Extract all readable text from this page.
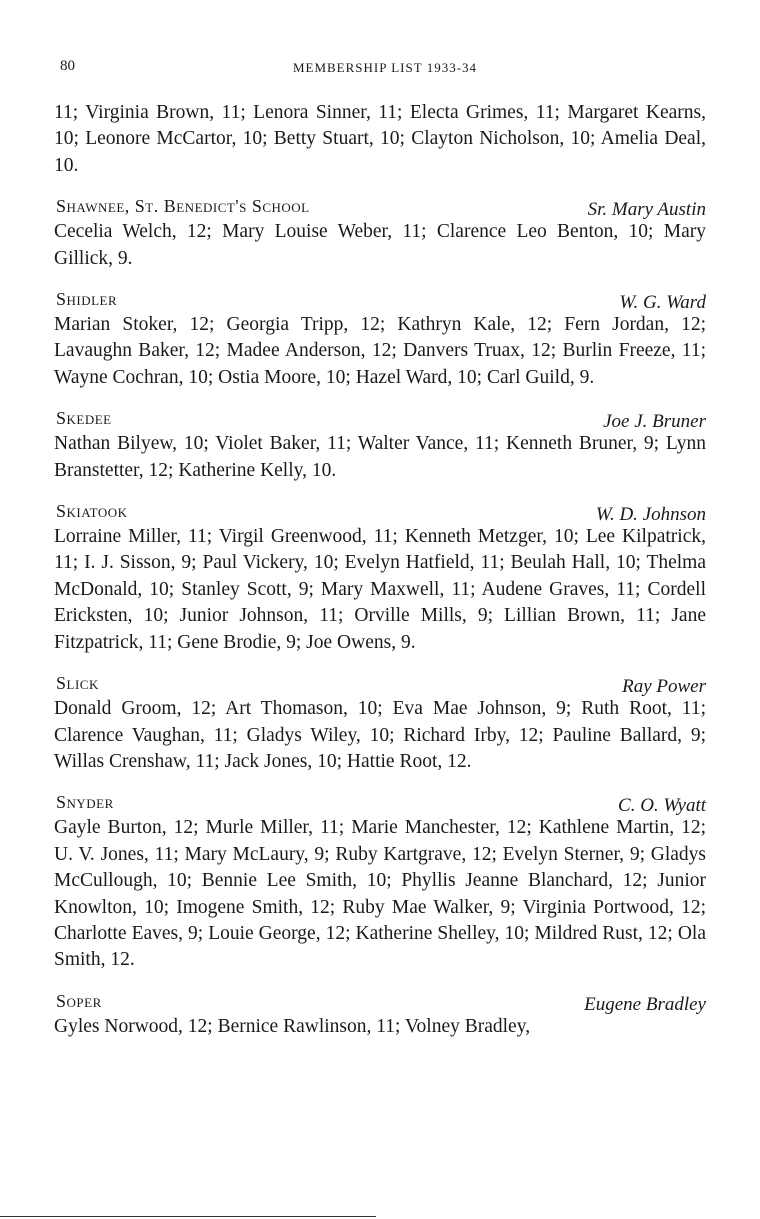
80	MEMBERSHIP LIST 1933-34

11; Virginia Brown, 11; Lenora Sinner, 11; Electa Grimes, 11; Margaret Kearns, 10; Leonore McCartor, 10; Betty Stuart, 10; Clayton Nicholson, 10; Amelia Deal, 10.

Shawnee, St. Benedict's School	Sr. Mary Austin

Cecelia Welch, 12; Mary Louise Weber, 11; Clarence Leo Benton, 10; Mary Gillick, 9.

Shidler	W. G. Ward

Marian Stoker, 12; Georgia Tripp, 12; Kathryn Kale, 12; Fern Jordan, 12; Lavaughn Baker, 12; Madee Anderson, 12; Danvers Truax, 12; Burlin Freeze, 11; Wayne Cochran, 10; Ostia Moore, 10; Hazel Ward, 10; Carl Guild, 9.

Skedee	Joe J. Bruner

Nathan Bilyew, 10; Violet Baker, 11; Walter Vance, 11; Kenneth Bruner, 9; Lynn Branstetter, 12; Katherine Kelly, 10.

Skiatook	W. D. Johnson

Lorraine Miller, 11; Virgil Greenwood, 11; Kenneth Metzger, 10; Lee Kilpatrick, 11; I. J. Sisson, 9; Paul Vickery, 10; Evelyn Hatfield, 11; Beulah Hall, 10; Thelma McDonald, 10; Stanley Scott, 9; Mary Maxwell, 11; Audene Graves, 11; Cordell Ericksten, 10; Junior Johnson, 11; Orville Mills, 9; Lillian Brown, 11; Jane Fitzpatrick, 11; Gene Brodie, 9; Joe Owens, 9.

Slick	Ray Power

Donald Groom, 12; Art Thomason, 10; Eva Mae Johnson, 9; Ruth Root, 11; Clarence Vaughan, 11; Gladys Wiley, 10; Richard Irby, 12; Pauline Ballard, 9; Willas Crenshaw, 11; Jack Jones, 10; Hattie Root, 12.

Snyder	C. O. Wyatt

Gayle Burton, 12; Murle Miller, 11; Marie Manchester, 12; Kathlene Martin, 12; U. V. Jones, 11; Mary McLaury, 9; Ruby Kartgrave, 12; Evelyn Sterner, 9; Gladys McCullough, 10; Bennie Lee Smith, 10; Phyllis Jeanne Blanchard, 12; Junior Knowlton, 10; Imogene Smith, 12; Ruby Mae Walker, 9; Virginia Portwood, 12; Charlotte Eaves, 9; Louie George, 12; Katherine Shelley, 10; Mildred Rust, 12; Ola Smith, 12.

Soper	Eugene Bradley

Gyles Norwood, 12; Bernice Rawlinson, 11; Volney Bradley,
